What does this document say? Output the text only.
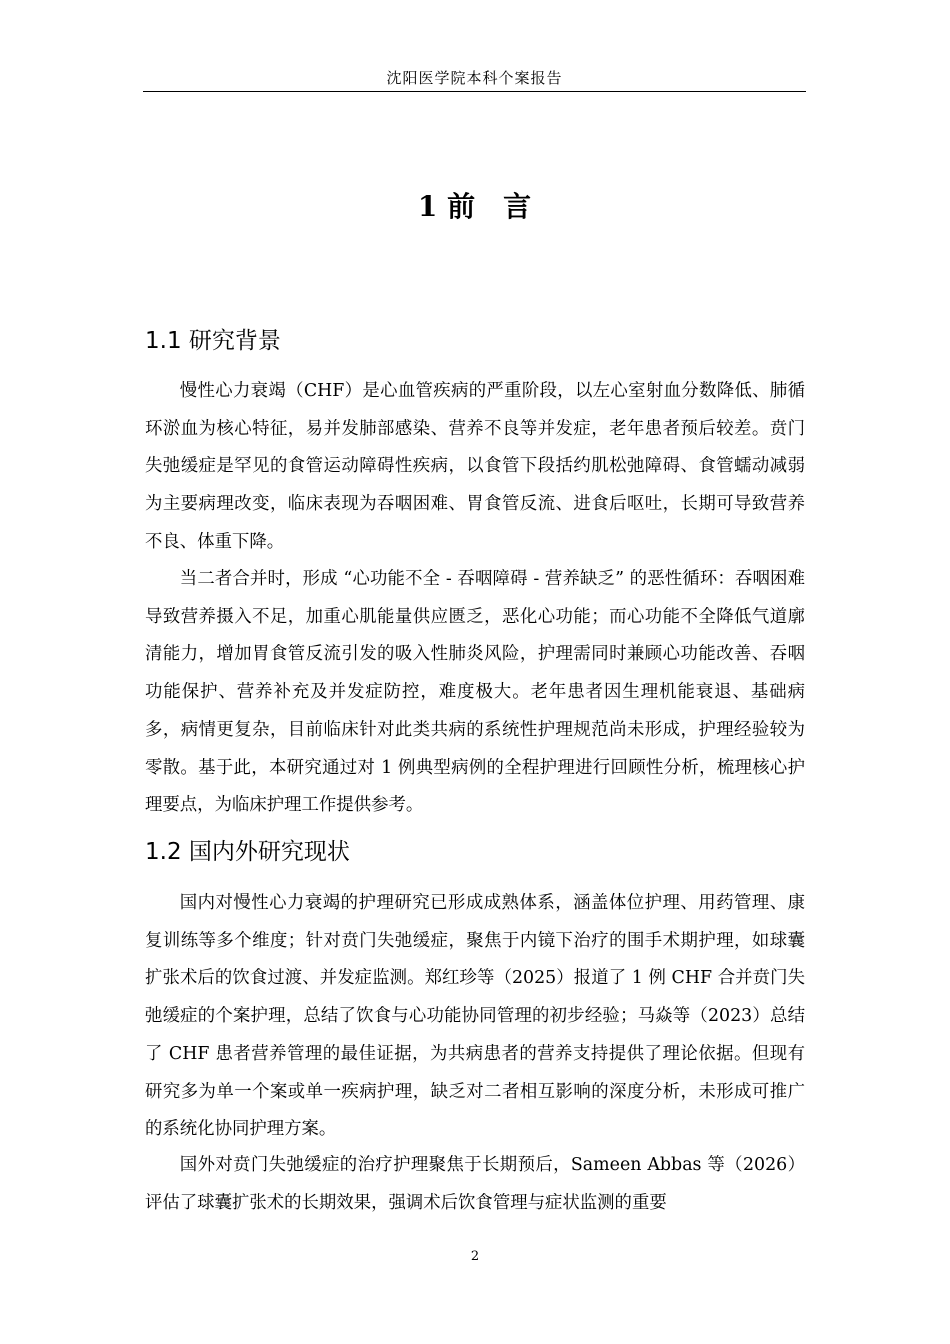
沈阳医学院本科个案报告
1 前　言
1.1 研究背景

慢性心力衰竭（CHF）是心血管疾病的严重阶段，以左心室射血分数降低、肺循环淤血为核心特征，易并发肺部感染、营养不良等并发症，老年患者预后较差。贲门失弛缓症是罕见的食管运动障碍性疾病，以食管下段括约肌松弛障碍、食管蠕动减弱为主要病理改变，临床表现为吞咽困难、胃食管反流、进食后呕吐，长期可导致营养不良、体重下降。

当二者合并时，形成 “心功能不全 - 吞咽障碍 - 营养缺乏” 的恶性循环：吞咽困难导致营养摄入不足，加重心肌能量供应匮乏，恶化心功能；而心功能不全降低气道廓清能力，增加胃食管反流引发的吸入性肺炎风险，护理需同时兼顾心功能改善、吞咽功能保护、营养补充及并发症防控，难度极大。老年患者因生理机能衰退、基础病多，病情更复杂，目前临床针对此类共病的系统性护理规范尚未形成，护理经验较为零散。基于此，本研究通过对 1 例典型病例的全程护理进行回顾性分析，梳理核心护理要点，为临床护理工作提供参考。

1.2 国内外研究现状

国内对慢性心力衰竭的护理研究已形成成熟体系，涵盖体位护理、用药管理、康复训练等多个维度；针对贲门失弛缓症，聚焦于内镜下治疗的围手术期护理，如球囊扩张术后的饮食过渡、并发症监测。郑红珍等（2025）报道了 1 例 CHF 合并贲门失弛缓症的个案护理，总结了饮食与心功能协同管理的初步经验；马焱等（2023）总结了 CHF 患者营养管理的最佳证据，为共病患者的营养支持提供了理论依据。但现有研究多为单一个案或单一疾病护理，缺乏对二者相互影响的深度分析，未形成可推广的系统化协同护理方案。

国外对贲门失弛缓症的治疗护理聚焦于长期预后，Sameen Abbas 等（2026）评估了球囊扩张术的长期效果，强调术后饮食管理与症状监测的重要

2
